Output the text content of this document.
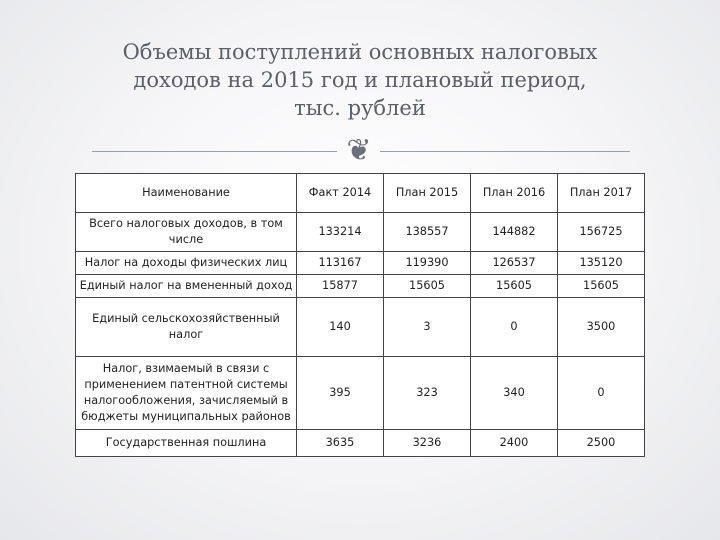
Объемы поступлений основных налоговых
доходов на 2015 год и плановый период,
тыс. рублей
❦
Наименование	Факт 2014	План 2015	План 2016	План 2017
Всего налоговых доходов, в том числе	133214	138557	144882	156725
Налог на доходы физических лиц	113167	119390	126537	135120
Единый налог на вмененный доход	15877	15605	15605	15605
Единый сельскохозяйственный налог	140	3	0	3500
Налог, взимаемый в связи с применением патентной системы налогообложения, зачисляемый в бюджеты муниципальных районов	395	323	340	0
Государственная пошлина	3635	3236	2400	2500
